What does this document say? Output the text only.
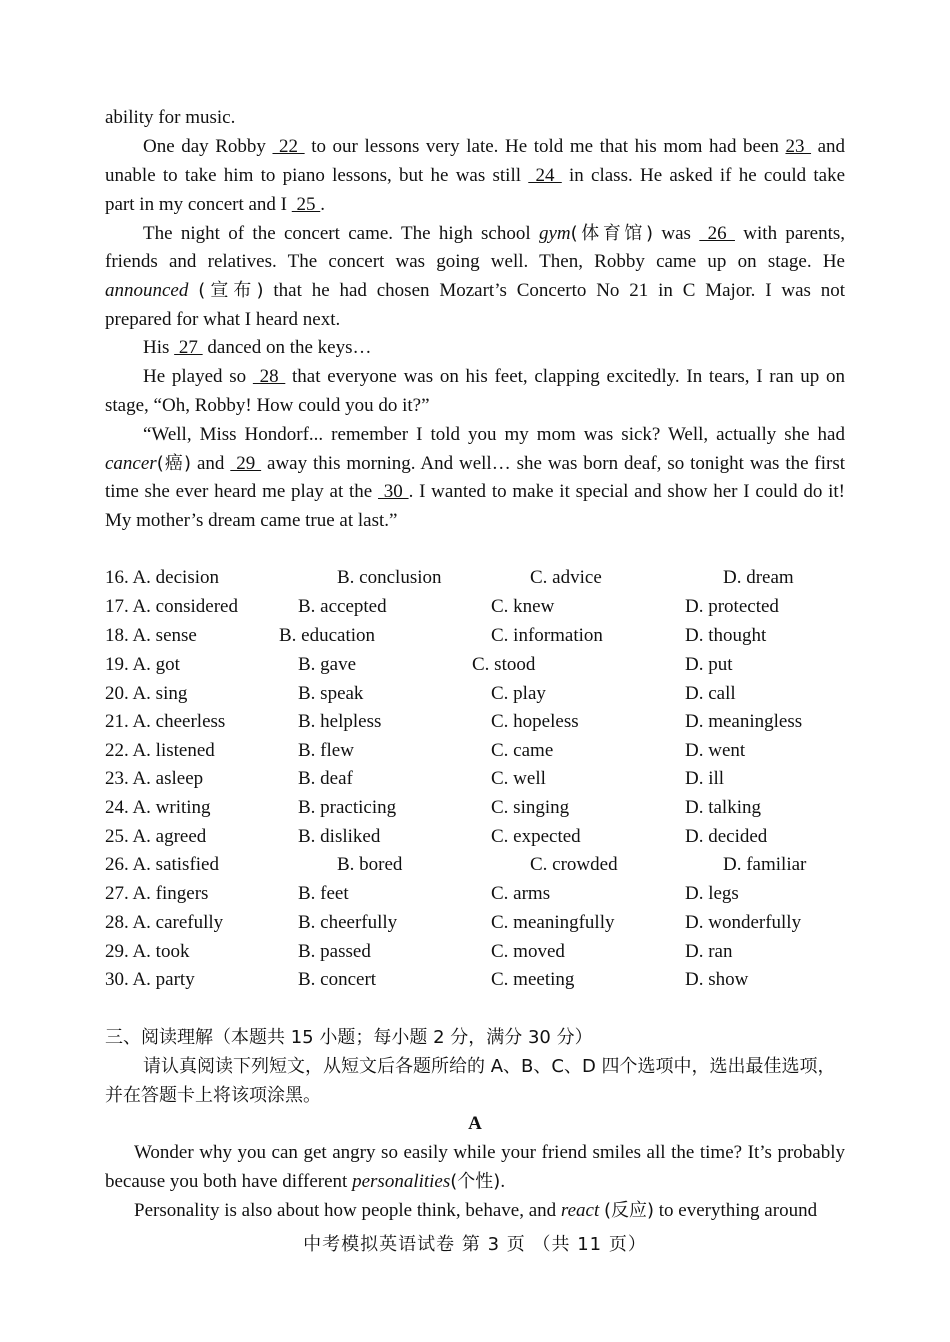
ability for music.
One day Robby  22  to our lessons very late. He told me that his mom had been 23  and
unable to take him to piano lessons, but he was still  24  in class. He asked if he could take
part in my concert and I  25 .
The night of the concert came. The high school gym(体育馆) was  26  with parents,
friends and relatives. The concert was going well. Then, Robby came up on stage. He
announced (宣布) that he had chosen Mozart’s Concerto No 21 in C Major. I was not
prepared for what I heard next.
His  27  danced on the keys…
He played so  28  that everyone was on his feet, clapping excitedly. In tears, I ran up on
stage, “Oh, Robby! How could you do it?”
“Well, Miss Hondorf... remember I told you my mom was sick? Well, actually she had
cancer(癌) and  29  away this morning. And well… she was born deaf, so tonight was the first
time she ever heard me play at the  30 . I wanted to make it special and show her I could do it!
My mother’s dream came true at last.”
16. A. decision	B. conclusion	C. advice	D. dream
17. A. considered	B. accepted	C. knew	D. protected
18. A. sense	B. education	C. information	D. thought
19. A. got	B. gave	C. stood	D. put
20. A. sing	B. speak	C. play	D. call
21. A. cheerless	B. helpless	C. hopeless	D. meaningless
22. A. listened	B. flew	C. came	D. went
23. A. asleep	B. deaf	C. well	D. ill
24. A. writing	B. practicing	C. singing	D. talking
25. A. agreed	B. disliked	C. expected	D. decided
26. A. satisfied	B. bored	C. crowded	D. familiar
27. A. fingers	B. feet	C. arms	D. legs
28. A. carefully	B. cheerfully	C. meaningfully	D. wonderfully
29. A. took	B. passed	C. moved	D. ran
30. A. party	B. concert	C. meeting	D. show
三、阅读理解（本题共 15 小题；每小题 2 分，满分 30 分）
请认真阅读下列短文，从短文后各题所给的 A、B、C、D 四个选项中，选出最佳选项，
并在答题卡上将该项涂黑。
A
Wonder why you can get angry so easily while your friend smiles all the time? It’s probably
because you both have different personalities(个性).
Personality is also about how people think, behave, and react (反应) to everything around
中考模拟英语试卷 第 3 页 （共 11 页）
